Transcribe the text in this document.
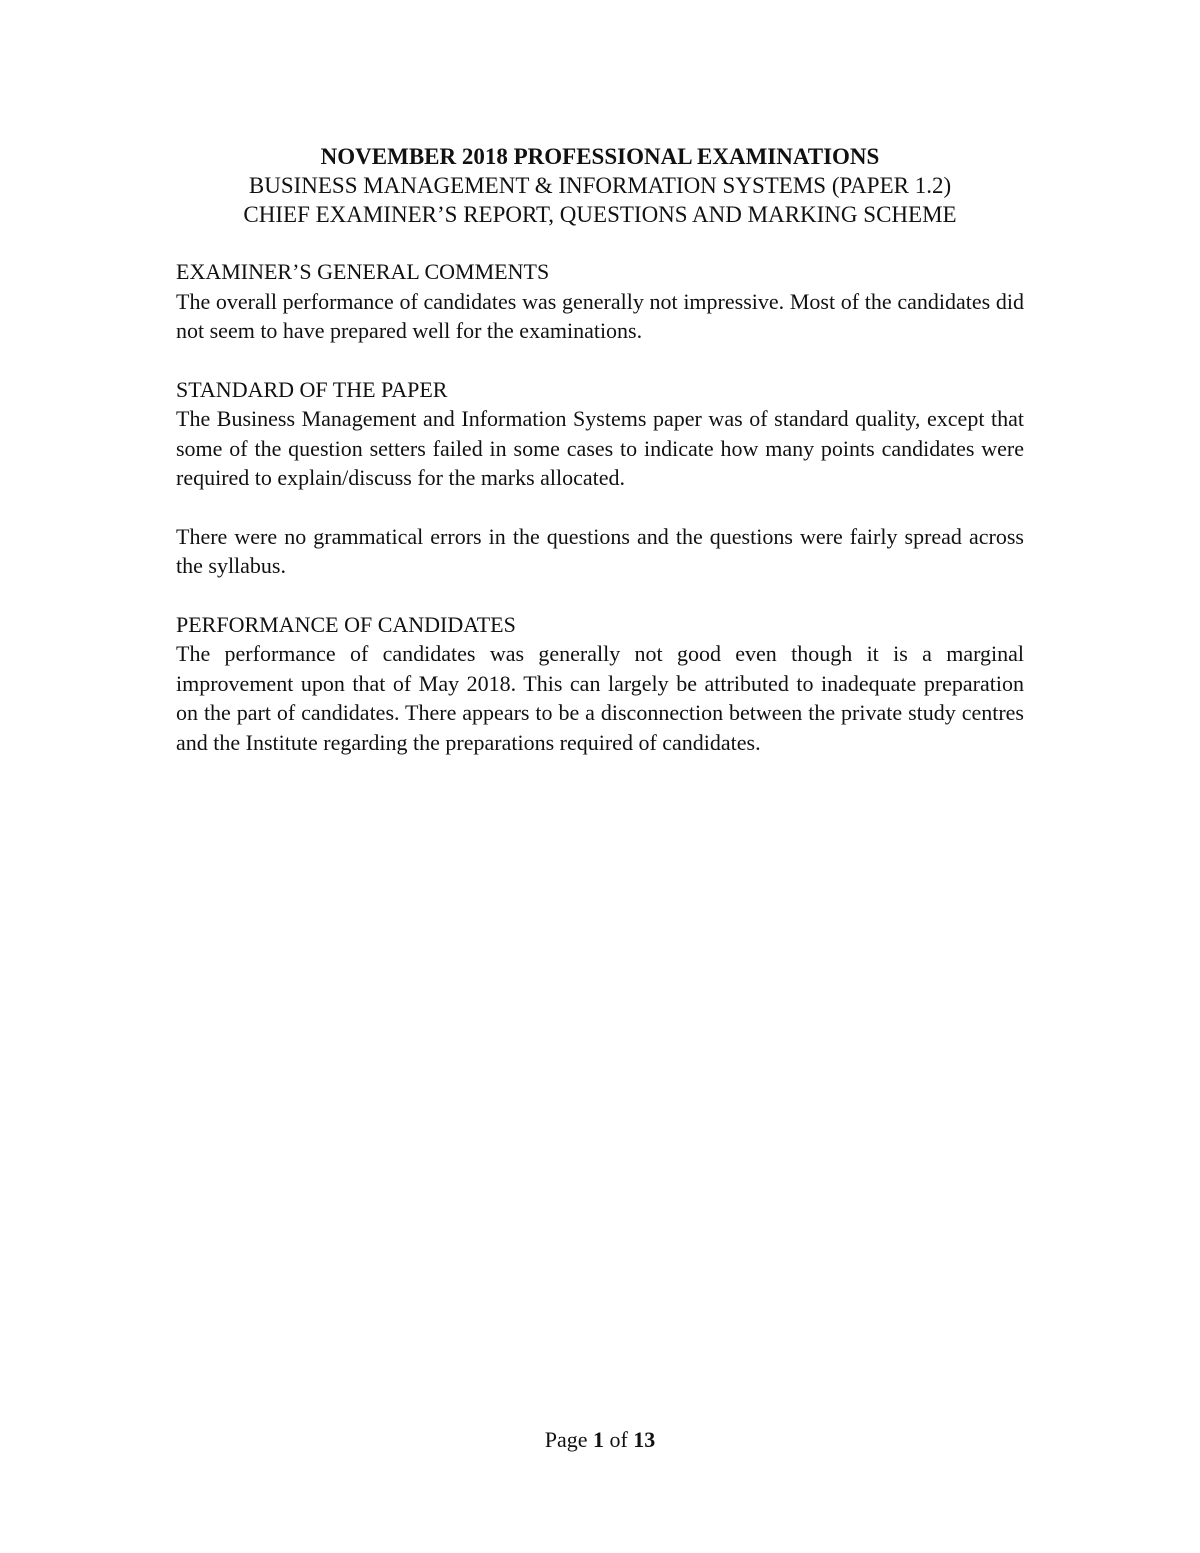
NOVEMBER 2018 PROFESSIONAL EXAMINATIONS
BUSINESS MANAGEMENT & INFORMATION SYSTEMS (PAPER 1.2)
CHIEF EXAMINER’S REPORT, QUESTIONS AND MARKING SCHEME
EXAMINER’S GENERAL COMMENTS

The overall performance of candidates was generally not impressive. Most of the candidates did not seem to have prepared well for the examinations.

STANDARD OF THE PAPER

The Business Management and Information Systems paper was of standard quality, except that some of the question setters failed in some cases to indicate how many points candidates were required to explain/discuss for the marks allocated.

There were no grammatical errors in the questions and the questions were fairly spread across the syllabus.

PERFORMANCE OF CANDIDATES

The performance of candidates was generally not good even though it is a marginal improvement upon that of May 2018. This can largely be attributed to inadequate preparation on the part of candidates. There appears to be a disconnection between the private study centres and the Institute regarding the preparations required of candidates.

Page 1 of 13
